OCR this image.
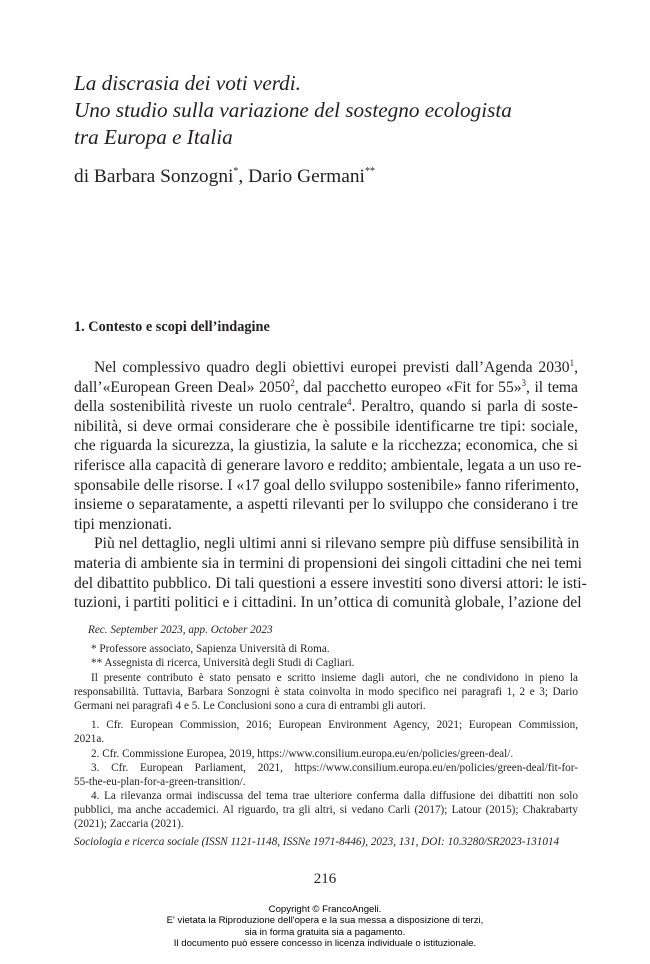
La discrasia dei voti verdi.
Uno studio sulla variazione del sostegno ecologista
tra Europa e Italia
di Barbara Sonzogni*, Dario Germani**
1. Contesto e scopi dell’indagine
Nel complessivo quadro degli obiettivi europei previsti dall’Agenda 2030$^1$,
dall’«European Green Deal» 2050$^2$, dal pacchetto europeo «Fit for 55»$^3$, il tema
della sostenibilità riveste un ruolo centrale$^4$. Peraltro, quando si parla di soste-
nibilità, si deve ormai considerare che è possibile identificarne tre tipi: sociale,
che riguarda la sicurezza, la giustizia, la salute e la ricchezza; economica, che si
riferisce alla capacità di generare lavoro e reddito; ambientale, legata a un uso re-
sponsabile delle risorse. I «17 goal dello sviluppo sostenibile» fanno riferimento,
insieme o separatamente, a aspetti rilevanti per lo sviluppo che considerano i tre
tipi menzionati.
Più nel dettaglio, negli ultimi anni si rilevano sempre più diffuse sensibilità in
materia di ambiente sia in termini di propensioni dei singoli cittadini che nei temi
del dibattito pubblico. Di tali questioni a essere investiti sono diversi attori: le isti-
tuzioni, i partiti politici e i cittadini. In un’ottica di comunità globale, l’azione del
Rec. September 2023, app. October 2023
* Professore associato, Sapienza Università di Roma.
** Assegnista di ricerca, Università degli Studi di Cagliari.
Il presente contributo è stato pensato e scritto insieme dagli autori, che ne condividono in pieno la
responsabilità. Tuttavia, Barbara Sonzogni è stata coinvolta in modo specifico nei paragrafi 1, 2 e 3; Dario
Germani nei paragrafi 4 e 5. Le Conclusioni sono a cura di entrambi gli autori.
1. Cfr. European Commission, 2016; European Environment Agency, 2021; European Commission,
2021a.
2. Cfr. Commissione Europea, 2019, https://www.consilium.europa.eu/en/policies/green-deal/.
3. Cfr. European Parliament, 2021, https://www.consilium.europa.eu/en/policies/green-deal/fit-for-
55-the-eu-plan-for-a-green-transition/.
4. La rilevanza ormai indiscussa del tema trae ulteriore conferma dalla diffusione dei dibattiti non solo
pubblici, ma anche accademici. Al riguardo, tra gli altri, si vedano Carli (2017); Latour (2015); Chakrabarty
(2021); Zaccaria (2021).
Sociologia e ricerca sociale (ISSN 1121-1148, ISSNe 1971-8446), 2023, 131, DOI: 10.3280/SR2023-131014
216
Copyright © FrancoAngeli.
E' vietata la Riproduzione dell'opera e la sua messa a disposizione di terzi,
sia in forma gratuita sia a pagamento.
Il documento può essere concesso in licenza individuale o istituzionale.
